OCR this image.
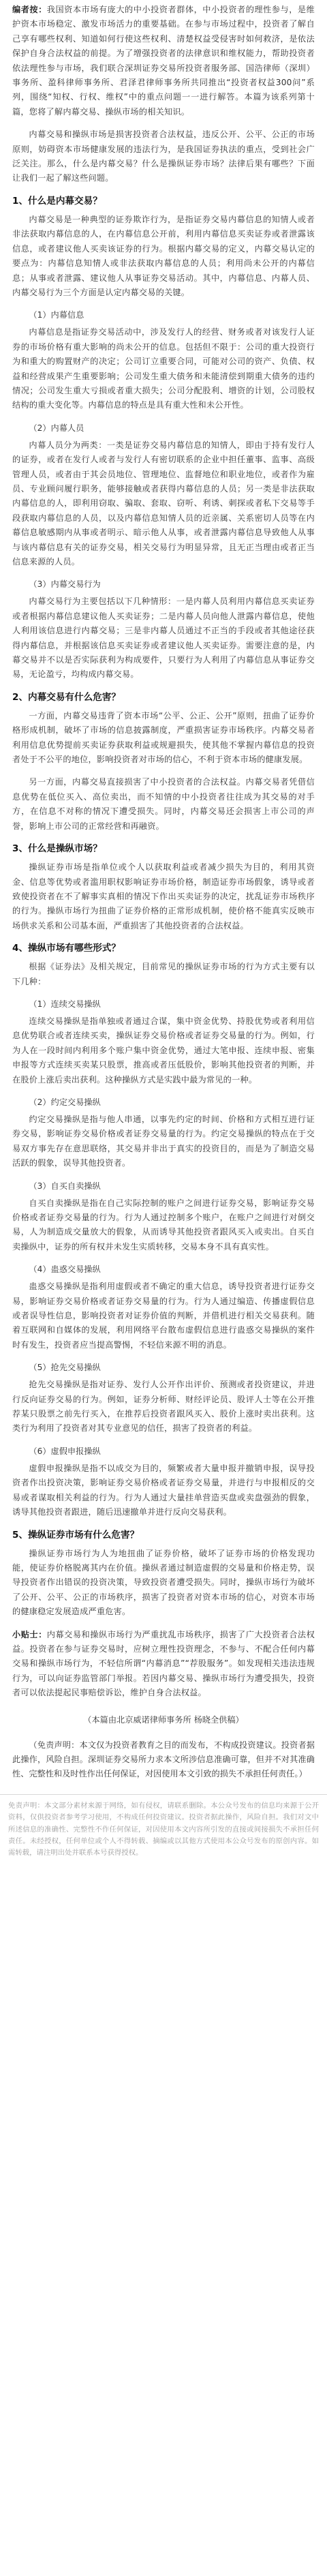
编者按：我国资本市场有庞大的中小投资者群体，中小投资者的理性参与，是维护资本市场稳定、激发市场活力的重要基础。在参与市场过程中，投资者了解自己享有哪些权利、知道如何行使这些权利、清楚权益受侵害时如何救济，是依法保护自身合法权益的前提。为了增强投资者的法律意识和维权能力，帮助投资者依法理性参与市场，我们联合深圳证券交易所投资者服务部、国浩律师（深圳）事务所、盈科律师事务所、君泽君律师事务所共同推出“投资者权益300问”系列，围绕“知权、行权、维权”中的重点问题一一进行解答。本篇为该系列第十篇，您将了解内幕交易、操纵市场的相关知识。

内幕交易和操纵市场是损害投资者合法权益，违反公开、公平、公正的市场原则，妨碍资本市场健康发展的违法行为，是我国证券执法的重点，受到社会广泛关注。那么，什么是内幕交易？什么是操纵证券市场？法律后果有哪些？下面让我们一起了解这些问题。

1、什么是内幕交易？

内幕交易是一种典型的证券欺诈行为，是指证券交易内幕信息的知情人或者非法获取内幕信息的人，在内幕信息公开前，利用内幕信息买卖证券或者泄露该信息，或者建议他人买卖该证券的行为。根据内幕交易的定义，内幕交易认定的要点为：内幕信息知情人或非法获取内幕信息的人员；利用尚未公开的内幕信息；从事或者泄露、建议他人从事证券交易活动。其中，内幕信息、内幕人员、内幕交易行为三个方面是认定内幕交易的关键。

（1）内幕信息

内幕信息是指证券交易活动中，涉及发行人的经营、财务或者对该发行人证券的市场价格有重大影响的尚未公开的信息。包括但不限于：公司的重大投资行为和重大的购置财产的决定；公司订立重要合同，可能对公司的资产、负债、权益和经营成果产生重要影响；公司发生重大债务和未能清偿到期重大债务的违约情况；公司发生重大亏损或者重大损失；公司分配股利、增资的计划，公司股权结构的重大变化等。内幕信息的特点是具有重大性和未公开性。

（2）内幕人员

内幕人员分为两类：一类是证券交易内幕信息的知情人，即由于持有发行人的证券，或者在发行人或者与发行人有密切联系的企业中担任董事、监事、高级管理人员，或者由于其会员地位、管理地位、监督地位和职业地位，或者作为雇员、专业顾问履行职务，能够接触或者获得内幕信息的人员；另一类是非法获取内幕信息的人，即利用窃取、骗取、套取、窃听、利诱、刺探或者私下交易等手段获取内幕信息的人员，以及内幕信息知情人员的近亲属、关系密切人员等在内幕信息敏感期内从事或者明示、暗示他人从事，或者泄露内幕信息导致他人从事与该内幕信息有关的证券交易，相关交易行为明显异常，且无正当理由或者正当信息来源的人员。

（3）内幕交易行为

内幕交易行为主要包括以下几种情形：一是内幕人员利用内幕信息买卖证券或者根据内幕信息建议他人买卖证券；二是内幕人员向他人泄露内幕信息，使他人利用该信息进行内幕交易；三是非内幕人员通过不正当的手段或者其他途径获得内幕信息，并根据该信息买卖证券或者建议他人买卖证券。需要注意的是，内幕交易并不以是否实际获利为构成要件，只要行为人利用了内幕信息从事证券交易，无论盈亏，均构成内幕交易。

2、内幕交易有什么危害？

一方面，内幕交易违背了资本市场“公平、公正、公开”原则，扭曲了证券价格形成机制，破坏了市场的信息披露制度，严重损害证券市场秩序。内幕交易者利用信息优势提前买卖证券获取利益或规避损失，使其他不掌握内幕信息的投资者处于不公平的地位，影响投资者对市场的信心，不利于资本市场的健康发展。

另一方面，内幕交易直接损害了中小投资者的合法权益。内幕交易者凭借信息优势在低位买入、高位卖出，而不知情的中小投资者往往成为其交易的对手方，在信息不对称的情况下遭受损失。同时，内幕交易还会损害上市公司的声誉，影响上市公司的正常经营和再融资。

3、什么是操纵市场？

操纵证券市场是指单位或个人以获取利益或者减少损失为目的，利用其资金、信息等优势或者滥用职权影响证券市场价格，制造证券市场假象，诱导或者致使投资者在不了解事实真相的情况下作出买卖证券的决定，扰乱证券市场秩序的行为。操纵市场行为扭曲了证券价格的正常形成机制，使价格不能真实反映市场供求关系和公司基本面，严重损害了其他投资者的合法权益。

4、操纵市场有哪些形式？

根据《证券法》及相关规定，目前常见的操纵证券市场的行为方式主要有以下几种：

（1）连续交易操纵

连续交易操纵是指单独或者通过合谋，集中资金优势、持股优势或者利用信息优势联合或者连续买卖，操纵证券交易价格或者证券交易量的行为。例如，行为人在一段时间内利用多个账户集中资金优势，通过大笔申报、连续申报、密集申报等方式连续买卖某只股票，推高或者压低股价，影响其他投资者的判断，并在股价上涨后卖出获利。这种操纵方式是实践中最为常见的一种。

（2）约定交易操纵

约定交易操纵是指与他人串通，以事先约定的时间、价格和方式相互进行证券交易，影响证券交易价格或者证券交易量的行为。约定交易操纵的特点在于交易双方事先存在意思联络，其交易并非出于真实的投资目的，而是为了制造交易活跃的假象，误导其他投资者。

（3）自买自卖操纵

自买自卖操纵是指在自己实际控制的账户之间进行证券交易，影响证券交易价格或者证券交易量的行为。行为人通过控制多个账户，在账户之间进行对倒交易，人为制造成交量放大的假象，从而诱导其他投资者跟风买入或卖出。自买自卖操纵中，证券的所有权并未发生实质转移，交易本身不具有真实性。

（4）蛊惑交易操纵

蛊惑交易操纵是指利用虚假或者不确定的重大信息，诱导投资者进行证券交易，影响证券交易价格或者证券交易量的行为。行为人通过编造、传播虚假信息或者误导性信息，影响投资者对证券价值的判断，并借机进行相关交易获利。随着互联网和自媒体的发展，利用网络平台散布虚假信息进行蛊惑交易操纵的案件时有发生，投资者应当提高警惕，不轻信来源不明的消息。

（5）抢先交易操纵

抢先交易操纵是指对证券、发行人公开作出评价、预测或者投资建议，并进行反向证券交易的行为。例如，证券分析师、财经评论员、股评人士等在公开推荐某只股票之前先行买入，在推荐后投资者跟风买入、股价上涨时卖出获利。这类行为利用了投资者对其专业意见的信任，损害了投资者的利益。

（6）虚假申报操纵

虚假申报操纵是指不以成交为目的，频繁或者大量申报并撤销申报，误导投资者作出投资决策，影响证券交易价格或者证券交易量，并进行与申报相反的交易或者谋取相关利益的行为。行为人通过大量挂单营造买盘或卖盘强劲的假象，诱导其他投资者跟进，随后迅速撤单并进行反向交易获利。

5、操纵证券市场有什么危害？

操纵证券市场行为人为地扭曲了证券价格，破坏了证券市场的价格发现功能，使证券价格脱离其内在价值。操纵者通过制造虚假的交易量和价格走势，误导投资者作出错误的投资决策，导致投资者遭受损失。同时，操纵市场行为破坏了公开、公平、公正的市场秩序，损害了投资者对资本市场的信心，对资本市场的健康稳定发展造成严重危害。

小贴士：内幕交易和操纵市场行为严重扰乱市场秩序，损害了广大投资者合法权益。投资者在参与证券交易时，应树立理性投资理念，不参与、不配合任何内幕交易和操纵市场行为，不轻信所谓“内幕消息”“荐股服务”。如发现相关违法违规行为，可以向证券监管部门举报。若因内幕交易、操纵市场行为遭受损失，投资者可以依法提起民事赔偿诉讼，维护自身合法权益。

（本篇由北京威诺律师事务所 杨晓全供稿）
（免责声明：本文仅为投资者教育之目的而发布，不构成投资建议。投资者据此操作，风险自担。深圳证券交易所力求本文所涉信息准确可靠，但并不对其准确性、完整性和及时性作出任何保证，对因使用本文引致的损失不承担任何责任。）
免责声明：本文部分素材来源于网络，如有侵权，请联系删除。本公众号发布的信息均来源于公开资料，仅供投资者参考学习使用，不构成任何投资建议。投资者据此操作，风险自担。我们对文中所述信息的准确性、完整性不作任何保证，对因使用本文内容所引发的直接或间接损失不承担任何责任。未经授权，任何单位或个人不得转载、摘编或以其他方式使用本公众号发布的原创内容。如需转载，请注明出处并联系本号获得授权。
